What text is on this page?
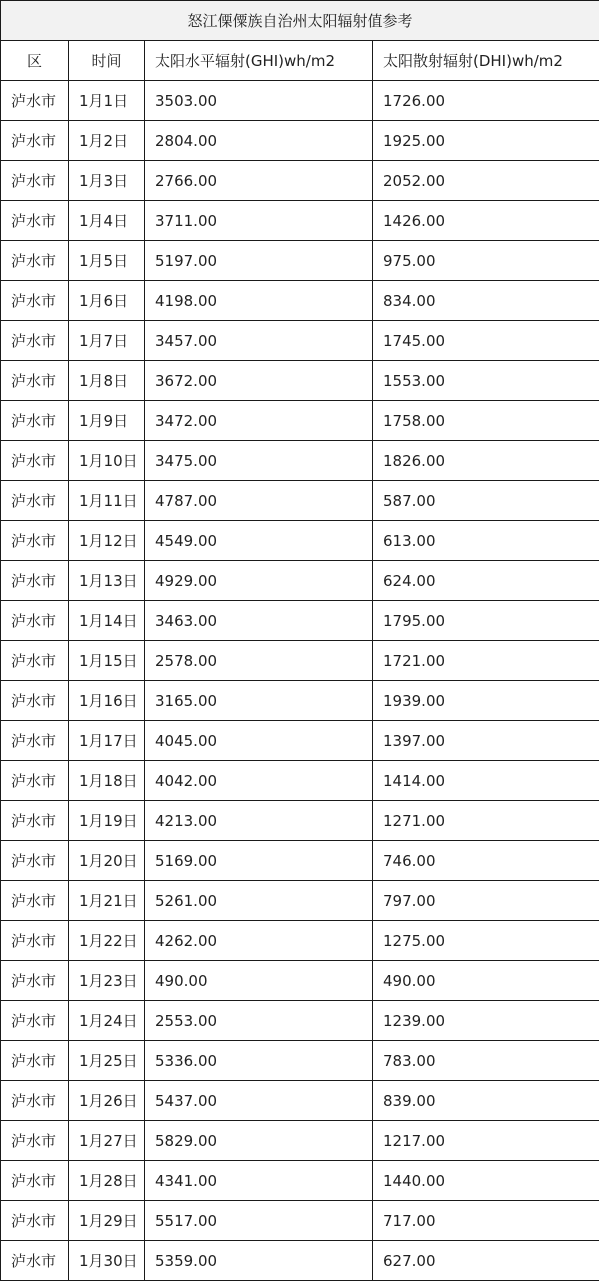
怒江傈僳族自治州太阳辐射值参考			
区	时间	太阳水平辐射(GHI)wh/m2	太阳散射辐射(DHI)wh/m2
泸水市	1月1日	3503.00	1726.00
泸水市	1月2日	2804.00	1925.00
泸水市	1月3日	2766.00	2052.00
泸水市	1月4日	3711.00	1426.00
泸水市	1月5日	5197.00	975.00
泸水市	1月6日	4198.00	834.00
泸水市	1月7日	3457.00	1745.00
泸水市	1月8日	3672.00	1553.00
泸水市	1月9日	3472.00	1758.00
泸水市	1月10日	3475.00	1826.00
泸水市	1月11日	4787.00	587.00
泸水市	1月12日	4549.00	613.00
泸水市	1月13日	4929.00	624.00
泸水市	1月14日	3463.00	1795.00
泸水市	1月15日	2578.00	1721.00
泸水市	1月16日	3165.00	1939.00
泸水市	1月17日	4045.00	1397.00
泸水市	1月18日	4042.00	1414.00
泸水市	1月19日	4213.00	1271.00
泸水市	1月20日	5169.00	746.00
泸水市	1月21日	5261.00	797.00
泸水市	1月22日	4262.00	1275.00
泸水市	1月23日	490.00	490.00
泸水市	1月24日	2553.00	1239.00
泸水市	1月25日	5336.00	783.00
泸水市	1月26日	5437.00	839.00
泸水市	1月27日	5829.00	1217.00
泸水市	1月28日	4341.00	1440.00
泸水市	1月29日	5517.00	717.00
泸水市	1月30日	5359.00	627.00
